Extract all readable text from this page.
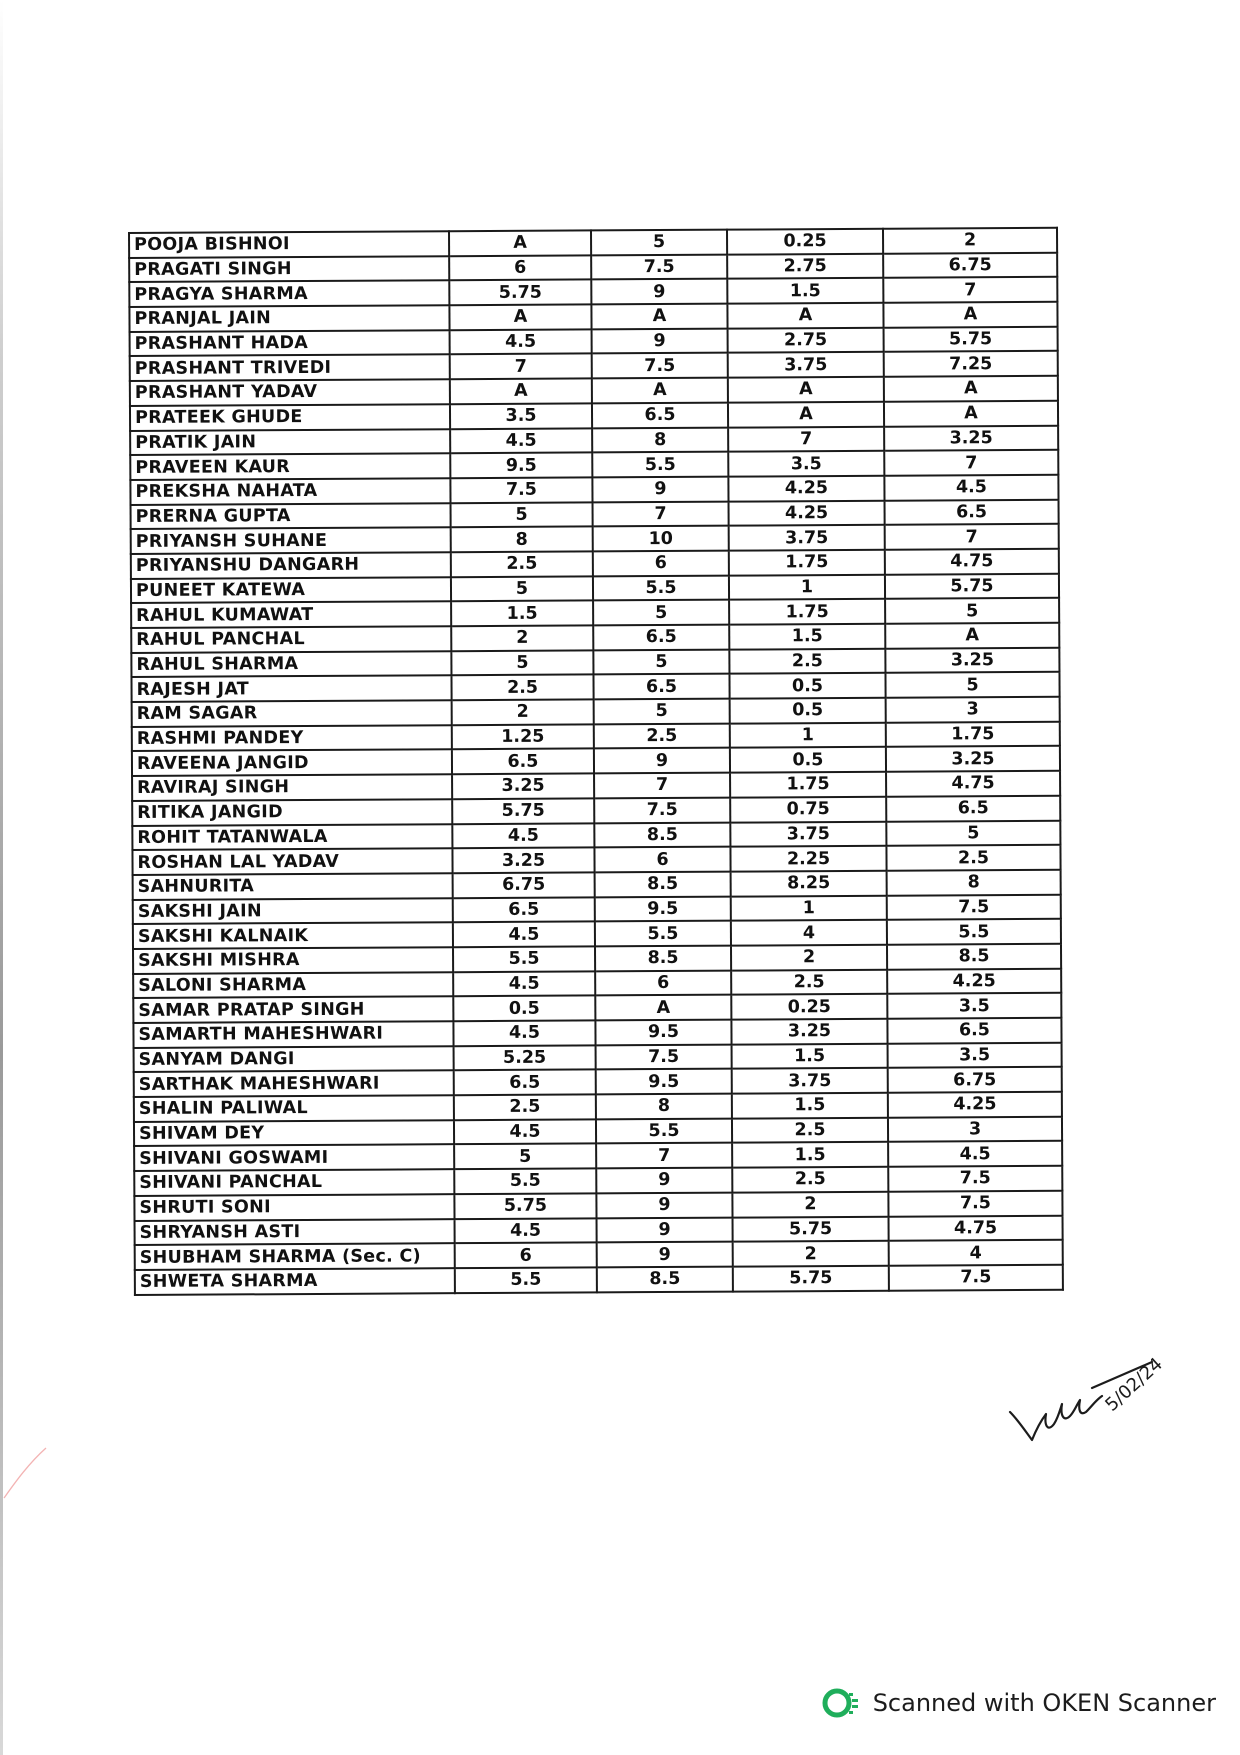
POOJA BISHNOI	A	5	0.25	2
PRAGATI SINGH	6	7.5	2.75	6.75
PRAGYA SHARMA	5.75	9	1.5	7
PRANJAL JAIN	A	A	A	A
PRASHANT HADA	4.5	9	2.75	5.75
PRASHANT TRIVEDI	7	7.5	3.75	7.25
PRASHANT YADAV	A	A	A	A
PRATEEK GHUDE	3.5	6.5	A	A
PRATIK JAIN	4.5	8	7	3.25
PRAVEEN KAUR	9.5	5.5	3.5	7
PREKSHA NAHATA	7.5	9	4.25	4.5
PRERNA GUPTA	5	7	4.25	6.5
PRIYANSH SUHANE	8	10	3.75	7
PRIYANSHU DANGARH	2.5	6	1.75	4.75
PUNEET KATEWA	5	5.5	1	5.75
RAHUL KUMAWAT	1.5	5	1.75	5
RAHUL PANCHAL	2	6.5	1.5	A
RAHUL SHARMA	5	5	2.5	3.25
RAJESH JAT	2.5	6.5	0.5	5
RAM SAGAR	2	5	0.5	3
RASHMI PANDEY	1.25	2.5	1	1.75
RAVEENA JANGID	6.5	9	0.5	3.25
RAVIRAJ SINGH	3.25	7	1.75	4.75
RITIKA JANGID	5.75	7.5	0.75	6.5
ROHIT TATANWALA	4.5	8.5	3.75	5
ROSHAN LAL YADAV	3.25	6	2.25	2.5
SAHNURITA	6.75	8.5	8.25	8
SAKSHI JAIN	6.5	9.5	1	7.5
SAKSHI KALNAIK	4.5	5.5	4	5.5
SAKSHI MISHRA	5.5	8.5	2	8.5
SALONI SHARMA	4.5	6	2.5	4.25
SAMAR PRATAP SINGH	0.5	A	0.25	3.5
SAMARTH MAHESHWARI	4.5	9.5	3.25	6.5
SANYAM DANGI	5.25	7.5	1.5	3.5
SARTHAK MAHESHWARI	6.5	9.5	3.75	6.75
SHALIN PALIWAL	2.5	8	1.5	4.25
SHIVAM DEY	4.5	5.5	2.5	3
SHIVANI GOSWAMI	5	7	1.5	4.5
SHIVANI PANCHAL	5.5	9	2.5	7.5
SHRUTI SONI	5.75	9	2	7.5
SHRYANSH ASTI	4.5	9	5.75	4.75
SHUBHAM SHARMA (Sec. C)	6	9	2	4
SHWETA SHARMA	5.5	8.5	5.75	7.5
5/02/24
Scanned with OKEN Scanner
